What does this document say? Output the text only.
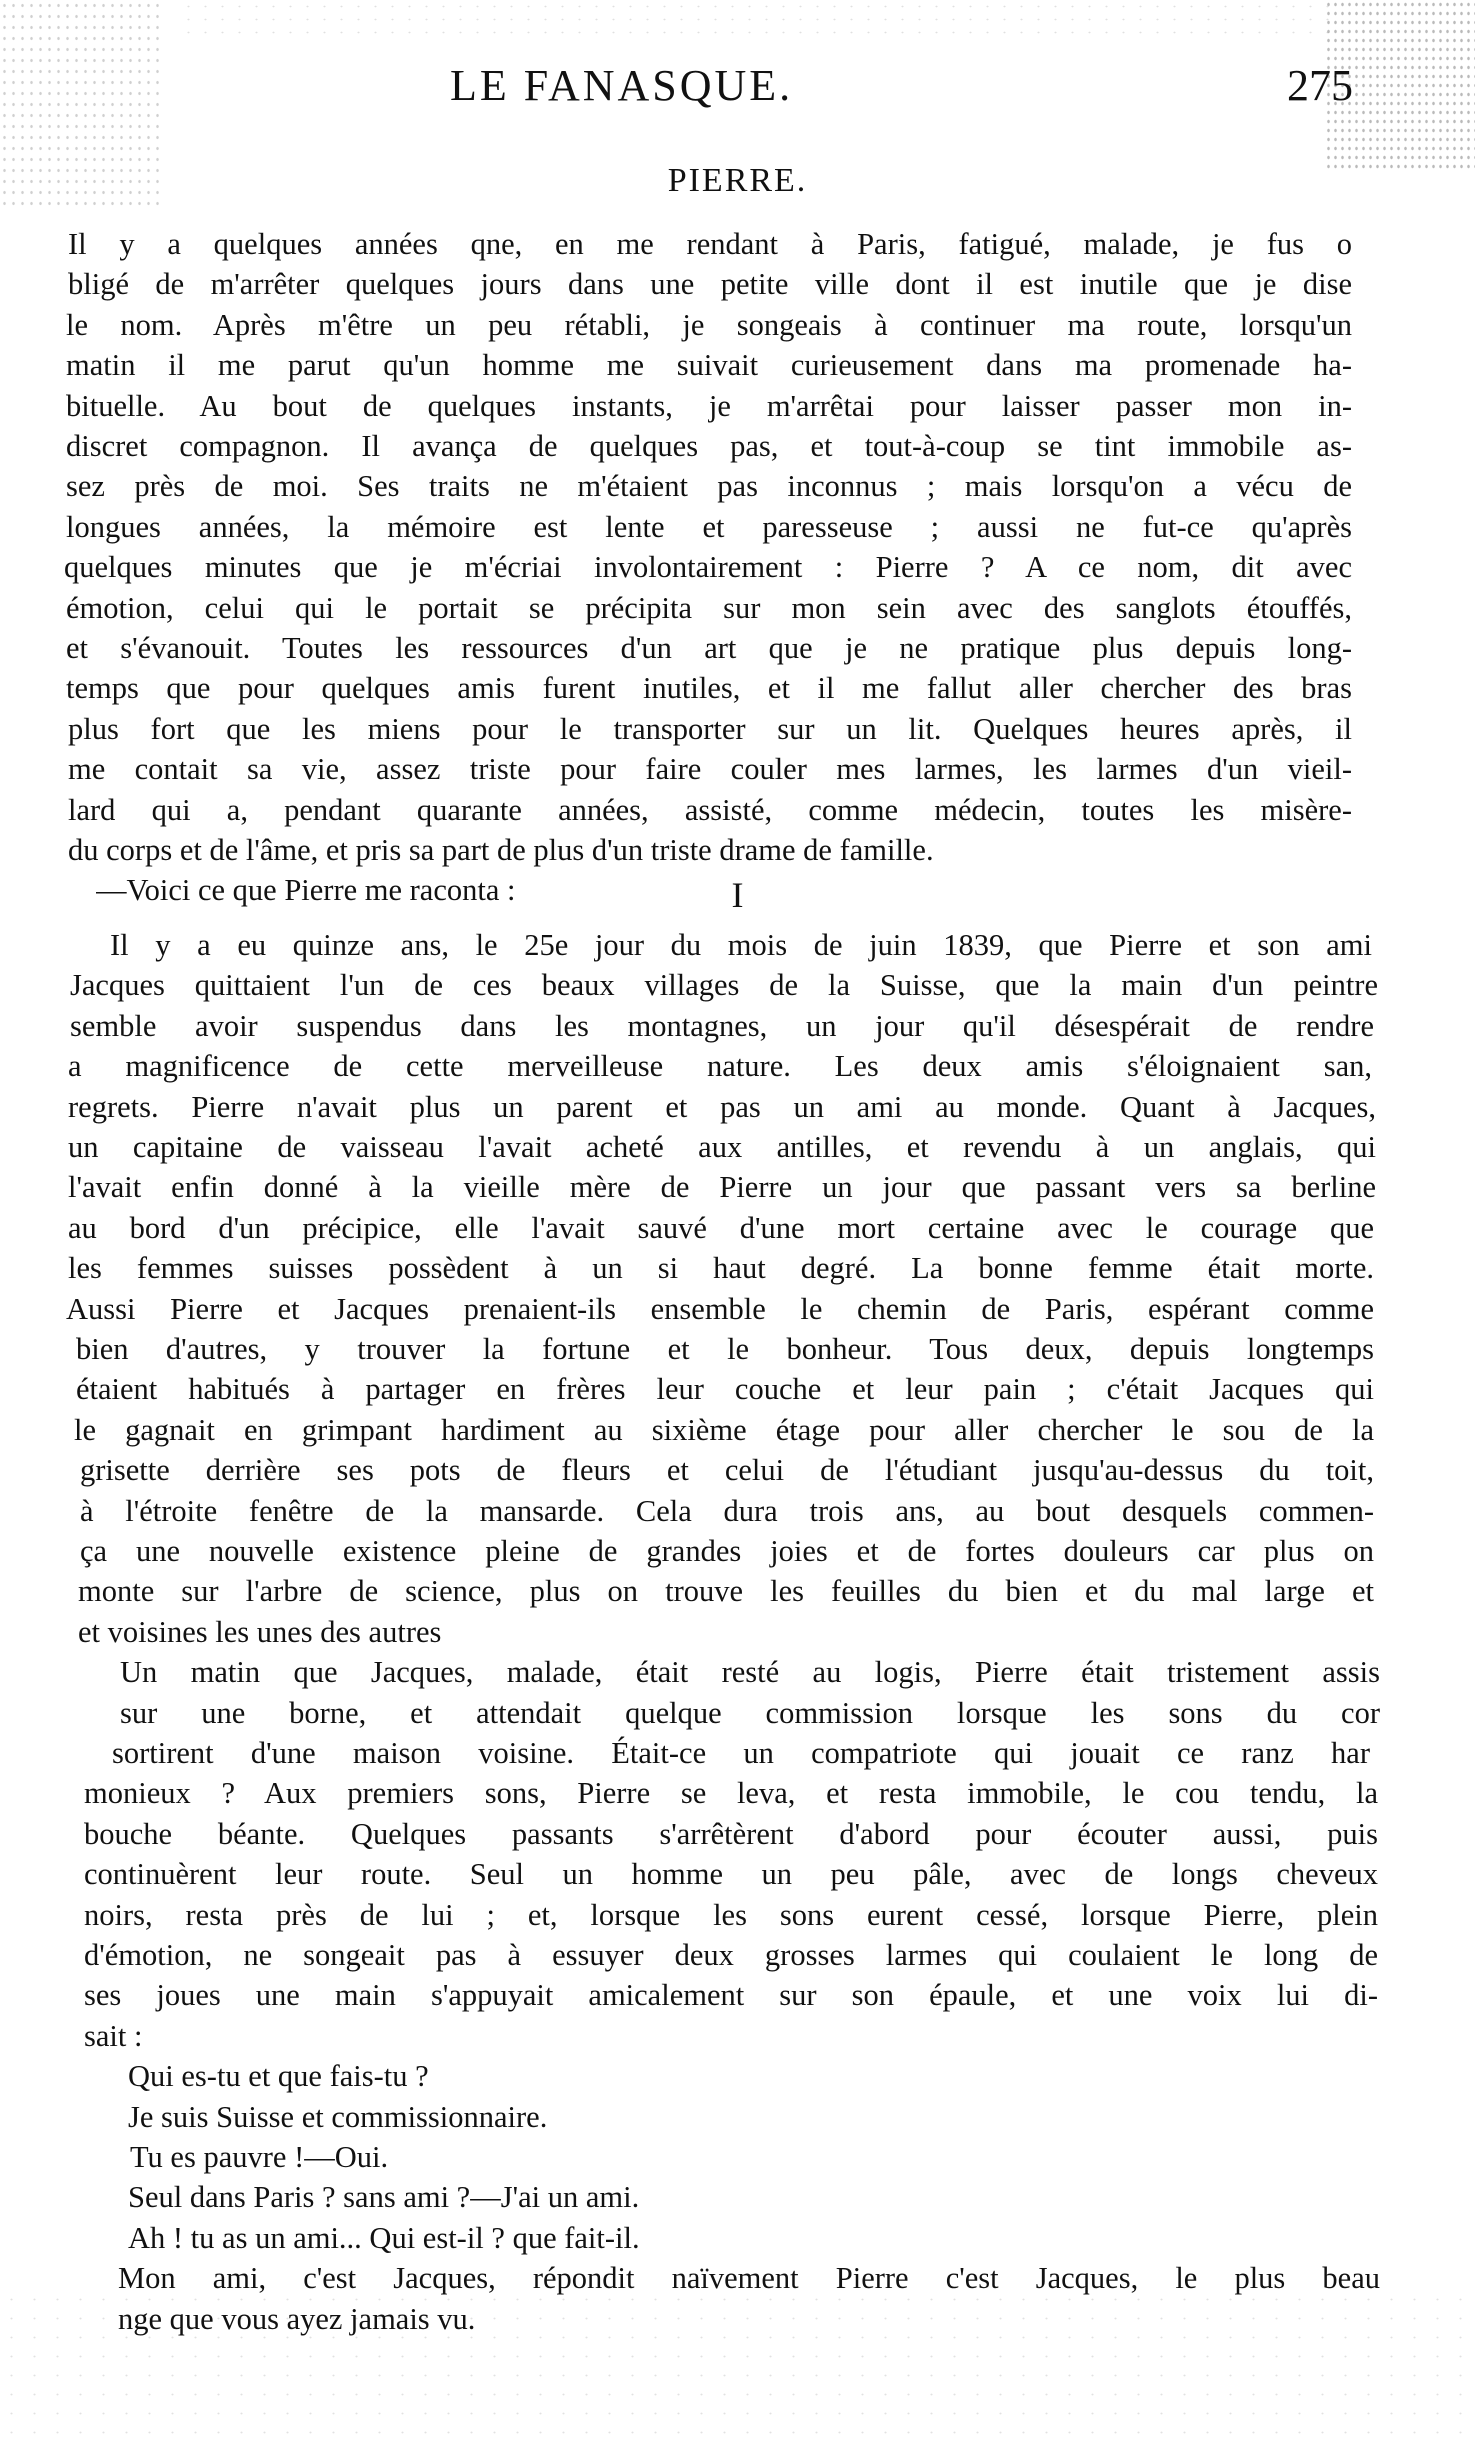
LE FANASQUE.	275
PIERRE.
Il y a quelques années qne, en me rendant à Paris, fatigué, malade, je fus o
bligé de m'arrêter quelques jours dans une petite ville dont il est inutile que je dise
le nom. Après m'être un peu rétabli, je songeais à continuer ma route, lorsqu'un
matin il me parut qu'un homme me suivait curieusement dans ma promenade ha-
bituelle. Au bout de quelques instants, je m'arrêtai pour laisser passer mon in-
discret compagnon. Il avança de quelques pas, et tout-à-coup se tint immobile as-
sez près de moi. Ses traits ne m'étaient pas inconnus ; mais lorsqu'on a vécu de
longues années, la mémoire est lente et paresseuse ; aussi ne fut-ce qu'après
quelques minutes que je m'écriai involontairement : Pierre ? A ce nom, dit avec
émotion, celui qui le portait se précipita sur mon sein avec des sanglots étouffés,
et s'évanouit. Toutes les ressources d'un art que je ne pratique plus depuis long-
temps que pour quelques amis furent inutiles, et il me fallut aller chercher des bras
plus fort que les miens pour le transporter sur un lit. Quelques heures après, il
me contait sa vie, assez triste pour faire couler mes larmes, les larmes d'un vieil-
lard qui a, pendant quarante années, assisté, comme médecin, toutes les misère-
du corps et de l'âme, et pris sa part de plus d'un triste drame de famille.
—Voici ce que Pierre me raconta :	I
Il y a eu quinze ans, le 25e jour du mois de juin 1839, que Pierre et son ami
Jacques quittaient l'un de ces beaux villages de la Suisse, que la main d'un peintre
semble avoir suspendus dans les montagnes, un jour qu'il désespérait de rendre
a magnificence de cette merveilleuse nature. Les deux amis s'éloignaient san,
regrets. Pierre n'avait plus un parent et pas un ami au monde. Quant à Jacques,
un capitaine de vaisseau l'avait acheté aux antilles, et revendu à un anglais, qui
l'avait enfin donné à la vieille mère de Pierre un jour que passant vers sa berline
au bord d'un précipice, elle l'avait sauvé d'une mort certaine avec le courage que
les femmes suisses possèdent à un si haut degré. La bonne femme était morte.
Aussi Pierre et Jacques prenaient-ils ensemble le chemin de Paris, espérant comme
bien d'autres, y trouver la fortune et le bonheur. Tous deux, depuis longtemps
étaient habitués à partager en frères leur couche et leur pain ; c'était Jacques qui
le gagnait en grimpant hardiment au sixième étage pour aller chercher le sou de la
grisette derrière ses pots de fleurs et celui de l'étudiant jusqu'au-dessus du toit,
à l'étroite fenêtre de la mansarde. Cela dura trois ans, au bout desquels commen-
ça une nouvelle existence pleine de grandes joies et de fortes douleurs car plus on
monte sur l'arbre de science, plus on trouve les feuilles du bien et du mal large et
et voisines les unes des autres
Un matin que Jacques, malade, était resté au logis, Pierre était tristement assis
sur une borne, et attendait quelque commission lorsque les sons du cor
sortirent d'une maison voisine. Était-ce un compatriote qui jouait ce ranz har
monieux ? Aux premiers sons, Pierre se leva, et resta immobile, le cou tendu, la
bouche béante. Quelques passants s'arrêtèrent d'abord pour écouter aussi, puis
continuèrent leur route. Seul un homme un peu pâle, avec de longs cheveux
noirs, resta près de lui ; et, lorsque les sons eurent cessé, lorsque Pierre, plein
d'émotion, ne songeait pas à essuyer deux grosses larmes qui coulaient le long de
ses joues une main s'appuyait amicalement sur son épaule, et une voix lui di-
sait :
Qui es-tu et que fais-tu ?
Je suis Suisse et commissionnaire.
Tu es pauvre !—Oui.
Seul dans Paris ? sans ami ?—J'ai un ami.
Ah ! tu as un ami... Qui est-il ? que fait-il.
Mon ami, c'est Jacques, répondit naïvement Pierre c'est Jacques, le plus beau
nge que vous ayez jamais vu.
